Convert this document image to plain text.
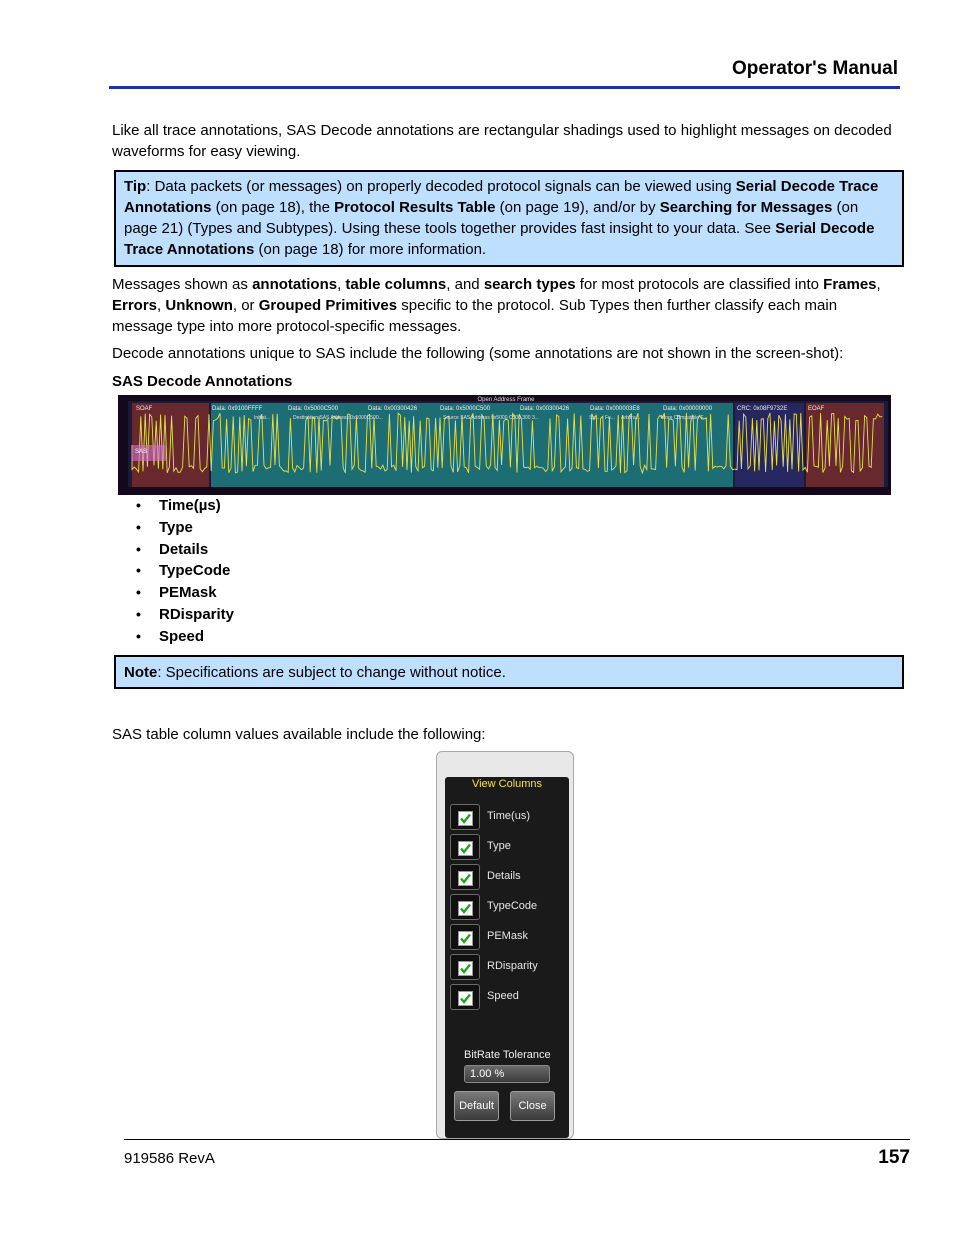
Operator's Manual
Like all trace annotations, SAS Decode annotations are rectangular shadings used to highlight messages on decoded waveforms for easy viewing.
Tip: Data packets (or messages) on properly decoded protocol signals can be viewed using Serial Decode Trace Annotations (on page 18), the Protocol Results Table (on page 19), and/or by Searching for Messages (on page 21) (Types and Subtypes). Using these tools together provides fast insight to your data. See Serial Decode Trace Annotations (on page 18) for more information.
Messages shown as annotations, table columns, and search types for most protocols are classified into Frames, Errors, Unknown, or Grouped Primitives specific to the protocol. Sub Types then further classify each main message type into more protocol-specific messages.
Decode annotations unique to SAS include the following (some annotations are not shown in the screen-shot):
SAS Decode Annotations
SOAF	Data: 0x9100FFFF	Data: 0x5000C500	Data: 0x00300426	Data: 0x5000C500	Data: 0x00300426	Data: 0x000003E8	Data: 0x00000000	CRC: 0x08F9732E	EOAF
Initiat...	Destination SAS Address 0x5000C500...	Source SAS Address 0x5000 C500 300 3...	Sp... Fe... Arbitra...	More Compatible F...
Open Address Frame
SAS
• Time(µs)
• Type
• Details
• TypeCode
• PEMask
• RDisparity
• Speed
Note: Specifications are subject to change without notice.
SAS table column values available include the following:
View Columns
Time(us)
Type
Details
TypeCode
PEMask
RDisparity
Speed
BitRate Tolerance
1.00 %
Default	Close
919586 RevA	157
